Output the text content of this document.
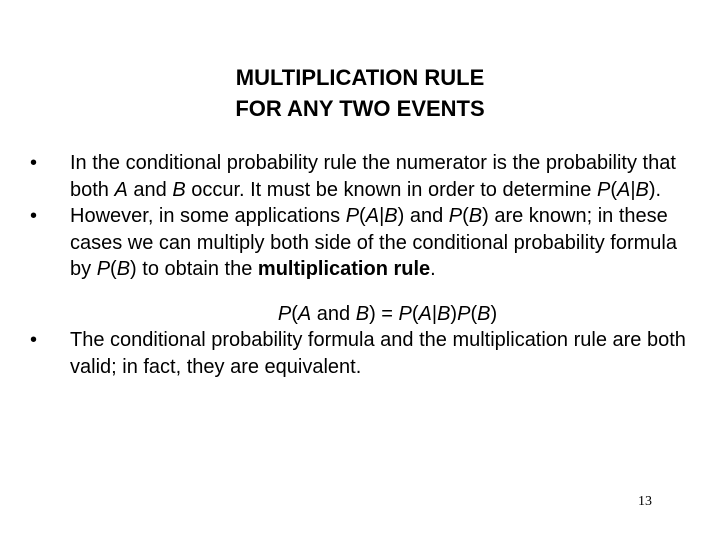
MULTIPLICATION RULE
FOR ANY TWO EVENTS
• In the conditional probability rule the numerator is the probability that both A and B occur. It must be known in order to determine P(A|B).
• However, in some applications P(A|B) and P(B) are known; in these cases we can multiply both side of the conditional probability formula by P(B) to obtain the multiplication rule.
P(A and B) = P(A|B)P(B)
• The conditional probability formula and the multiplication rule are both valid; in fact, they are equivalent.
13
